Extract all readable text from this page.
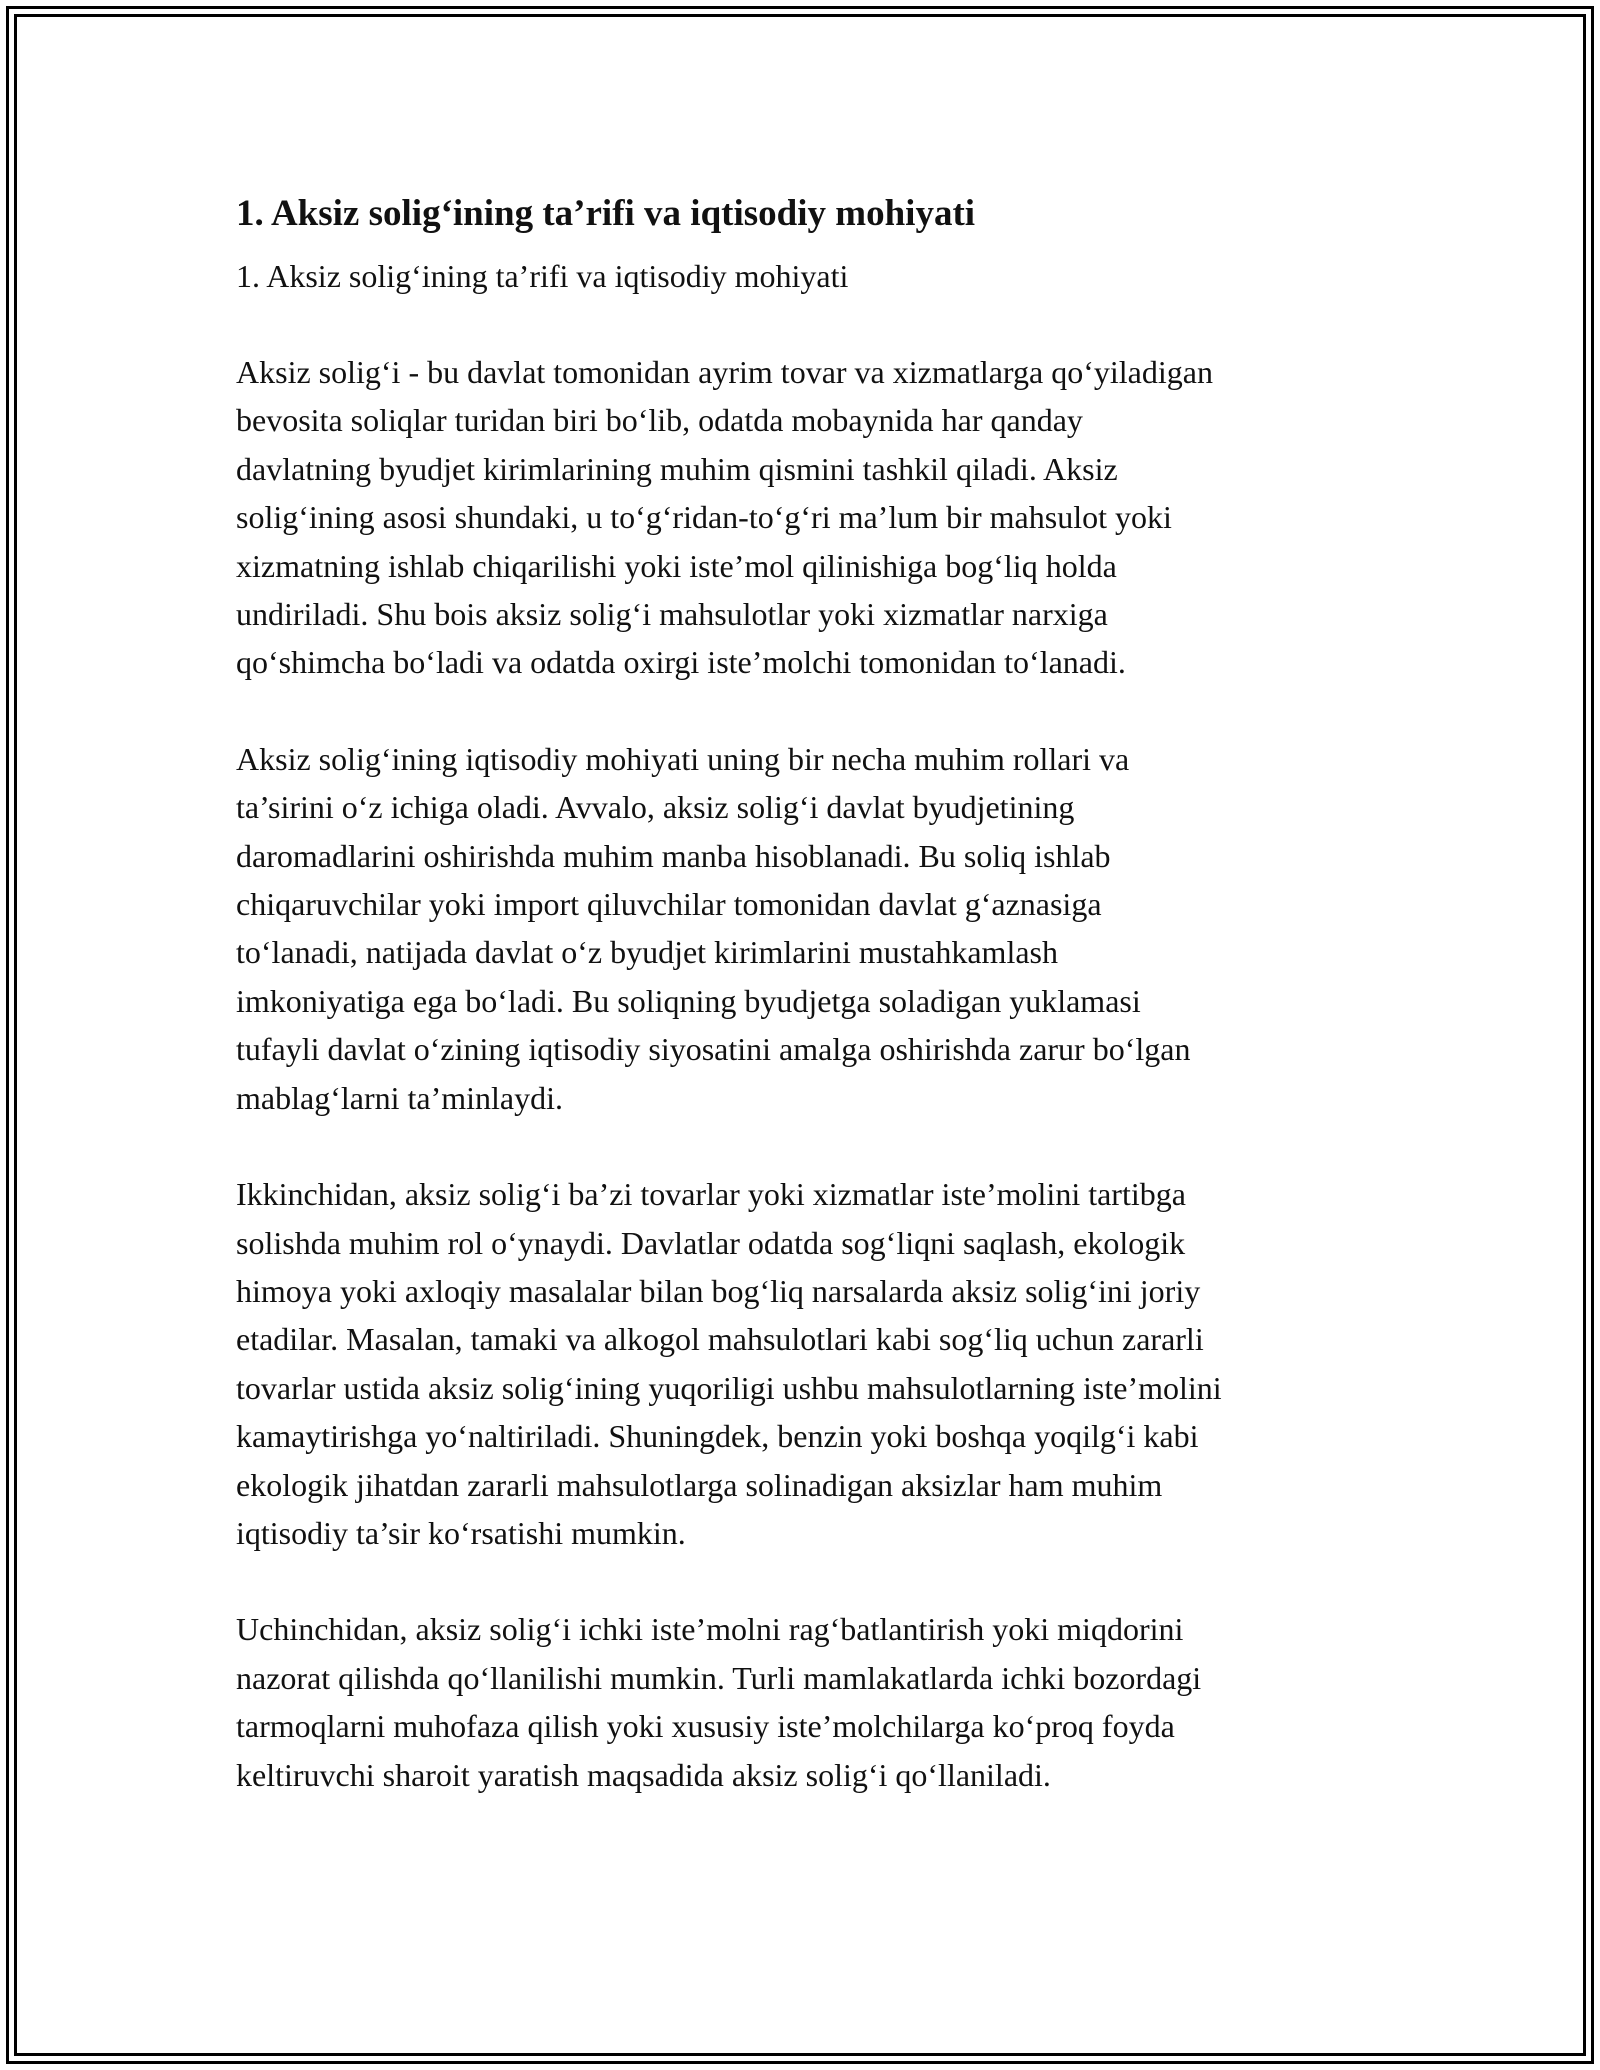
1. Aksiz solig‘ining ta’rifi va iqtisodiy mohiyati

1. Aksiz solig‘ining ta’rifi va iqtisodiy mohiyati

Aksiz solig‘i - bu davlat tomonidan ayrim tovar va xizmatlarga qo‘yiladigan
bevosita soliqlar turidan biri bo‘lib, odatda mobaynida har qanday
davlatning byudjet kirimlarining muhim qismini tashkil qiladi. Aksiz
solig‘ining asosi shundaki, u to‘g‘ridan-to‘g‘ri ma’lum bir mahsulot yoki
xizmatning ishlab chiqarilishi yoki iste’mol qilinishiga bog‘liq holda
undiriladi. Shu bois aksiz solig‘i mahsulotlar yoki xizmatlar narxiga
qo‘shimcha bo‘ladi va odatda oxirgi iste’molchi tomonidan to‘lanadi.

Aksiz solig‘ining iqtisodiy mohiyati uning bir necha muhim rollari va
ta’sirini o‘z ichiga oladi. Avvalo, aksiz solig‘i davlat byudjetining
daromadlarini oshirishda muhim manba hisoblanadi. Bu soliq ishlab
chiqaruvchilar yoki import qiluvchilar tomonidan davlat g‘aznasiga
to‘lanadi, natijada davlat o‘z byudjet kirimlarini mustahkamlash
imkoniyatiga ega bo‘ladi. Bu soliqning byudjetga soladigan yuklamasi
tufayli davlat o‘zining iqtisodiy siyosatini amalga oshirishda zarur bo‘lgan
mablag‘larni ta’minlaydi.

Ikkinchidan, aksiz solig‘i ba’zi tovarlar yoki xizmatlar iste’molini tartibga
solishda muhim rol o‘ynaydi. Davlatlar odatda sog‘liqni saqlash, ekologik
himoya yoki axloqiy masalalar bilan bog‘liq narsalarda aksiz solig‘ini joriy
etadilar. Masalan, tamaki va alkogol mahsulotlari kabi sog‘liq uchun zararli
tovarlar ustida aksiz solig‘ining yuqoriligi ushbu mahsulotlarning iste’molini
kamaytirishga yo‘naltiriladi. Shuningdek, benzin yoki boshqa yoqilg‘i kabi
ekologik jihatdan zararli mahsulotlarga solinadigan aksizlar ham muhim
iqtisodiy ta’sir ko‘rsatishi mumkin.

Uchinchidan, aksiz solig‘i ichki iste’molni rag‘batlantirish yoki miqdorini
nazorat qilishda qo‘llanilishi mumkin. Turli mamlakatlarda ichki bozordagi
tarmoqlarni muhofaza qilish yoki xususiy iste’molchilarga ko‘proq foyda
keltiruvchi sharoit yaratish maqsadida aksiz solig‘i qo‘llaniladi.
